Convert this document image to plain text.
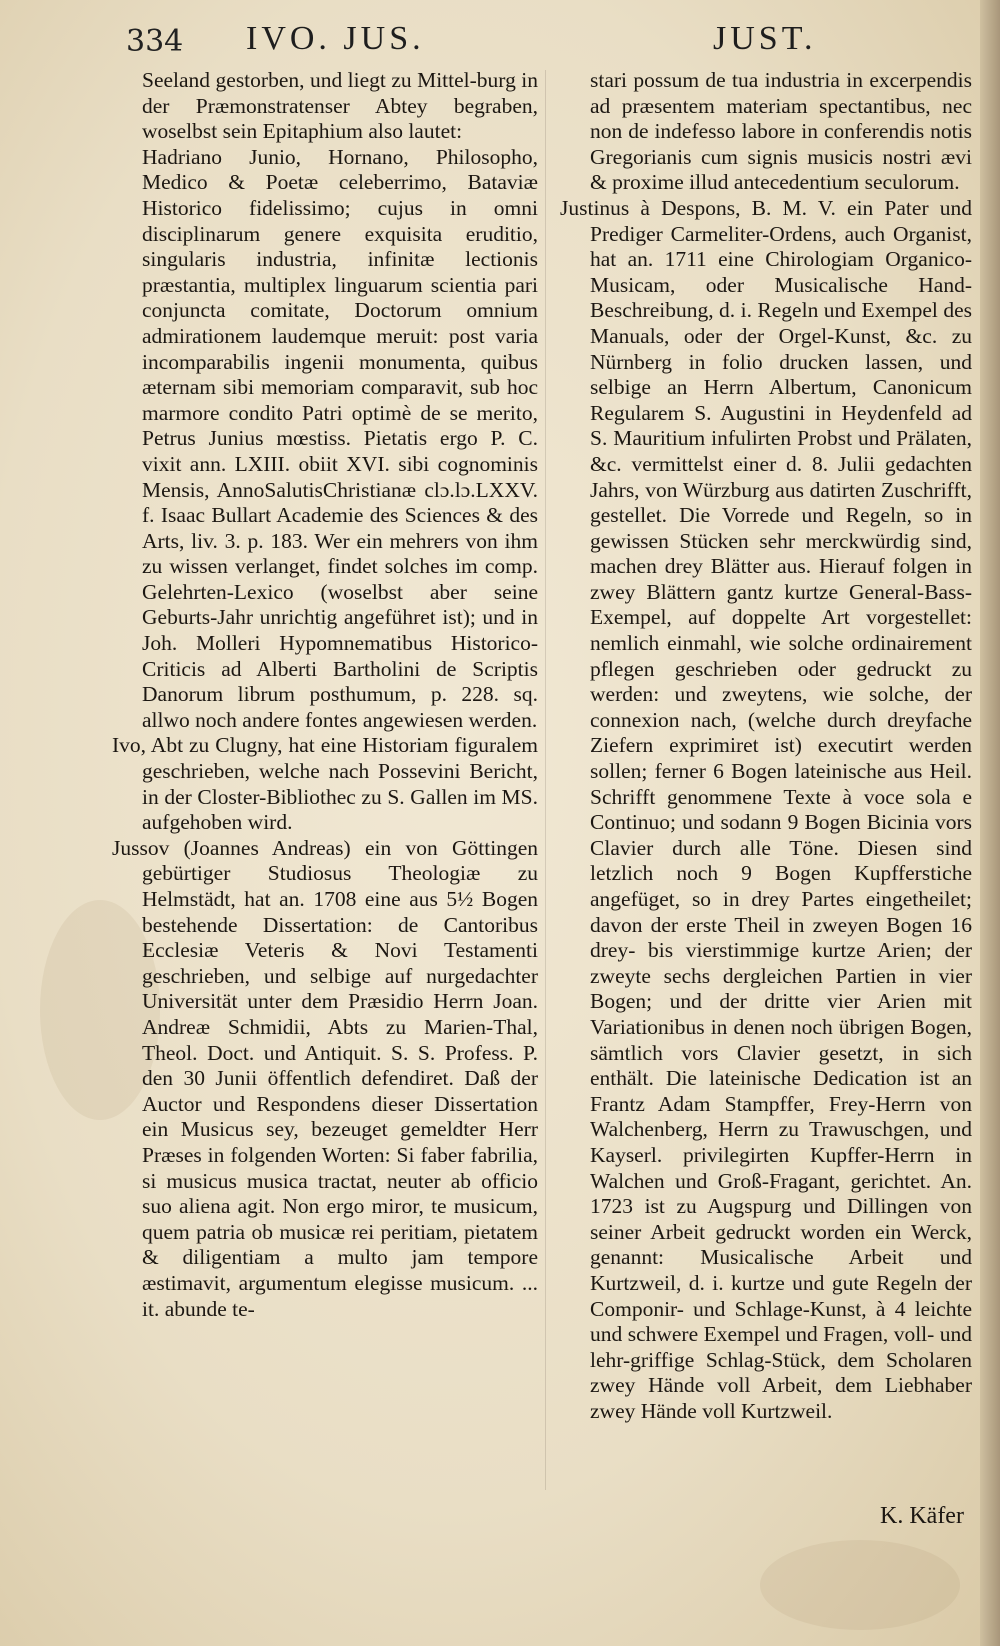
334 IVO. JUS.	JUST.

Seeland gestorben, und liegt zu Mittel-burg in der Præmonstratenser Abtey begraben, woselbst sein Epitaphium also lautet:

Hadriano Junio, Hornano, Philosopho, Medico & Poetæ celeberrimo, Bataviæ Historico fidelissimo; cujus in omni disciplinarum genere exquisita eruditio, singularis industria, infinitæ lectionis præstantia, multiplex linguarum scientia pari conjuncta comitate, Doctorum omnium admirationem laudemque meruit: post varia incomparabilis ingenii monumenta, quibus æternam sibi memoriam comparavit, sub hoc marmore condito Patri optimè de se merito, Petrus Junius mœstiss. Pietatis ergo P. C. vixit ann. LXIII. obiit XVI. sibi cognominis Mensis, AnnoSalutisChristianæ clɔ.lɔ.LXXV. f. Isaac Bullart Academie des Sciences & des Arts, liv. 3. p. 183. Wer ein mehrers von ihm zu wissen verlanget, findet solches im comp. Gelehrten-Lexico (woselbst aber seine Geburts-Jahr unrichtig angeführet ist); und in Joh. Molleri Hypomnematibus Historico-Criticis ad Alberti Bartholini de Scriptis Danorum librum posthumum, p. 228. sq. allwo noch andere fontes angewiesen werden.

Ivo, Abt zu Clugny, hat eine Historiam figuralem geschrieben, welche nach Possevini Bericht, in der Closter-Bibliothec zu S. Gallen im MS. aufgehoben wird.

Jussov (Joannes Andreas) ein von Göttingen gebürtiger Studiosus Theologiæ zu Helmstädt, hat an. 1708 eine aus 5½ Bogen bestehende Dissertation: de Cantoribus Ecclesiæ Veteris & Novi Testamenti geschrieben, und selbige auf nurgedachter Universität unter dem Præsidio Herrn Joan. Andreæ Schmidii, Abts zu Marien-Thal, Theol. Doct. und Antiquit. S. S. Profess. P. den 30 Junii öffentlich defendiret. Daß der Auctor und Respondens dieser Dissertation ein Musicus sey, bezeuget gemeldter Herr Præses in folgenden Worten: Si faber fabrilia, si musicus musica tractat, neuter ab officio suo aliena agit. Non ergo miror, te musicum, quem patria ob musicæ rei peritiam, pietatem & diligentiam a multo jam tempore æstimavit, argumentum elegisse musicum. ... it. abunde te-

stari possum de tua industria in excerpendis ad præsentem materiam spectantibus, nec non de indefesso labore in conferendis notis Gregorianis cum signis musicis nostri ævi & proxime illud antecedentium seculorum.

Justinus à Despons, B. M. V. ein Pater und Prediger Carmeliter-Ordens, auch Organist, hat an. 1711 eine Chirologiam Organico-Musicam, oder Musicalische Hand-Beschreibung, d. i. Regeln und Exempel des Manuals, oder der Orgel-Kunst, &c. zu Nürnberg in folio drucken lassen, und selbige an Herrn Albertum, Canonicum Regularem S. Augustini in Heydenfeld ad S. Mauritium infulirten Probst und Prälaten, &c. vermittelst einer d. 8. Julii gedachten Jahrs, von Würzburg aus datirten Zuschrifft, gestellet. Die Vorrede und Regeln, so in gewissen Stücken sehr merckwürdig sind, machen drey Blätter aus. Hierauf folgen in zwey Blättern gantz kurtze General-Bass-Exempel, auf doppelte Art vorgestellet: nemlich einmahl, wie solche ordinairement pflegen geschrieben oder gedruckt zu werden: und zweytens, wie solche, der connexion nach, (welche durch dreyfache Ziefern exprimiret ist) executirt werden sollen; ferner 6 Bogen lateinische aus Heil. Schrifft genommene Texte à voce sola e Continuo; und sodann 9 Bogen Bicinia vors Clavier durch alle Töne. Diesen sind letzlich noch 9 Bogen Kupfferstiche angefüget, so in drey Partes eingetheilet; davon der erste Theil in zweyen Bogen 16 drey- bis vierstimmige kurtze Arien; der zweyte sechs dergleichen Partien in vier Bogen; und der dritte vier Arien mit Variationibus in denen noch übrigen Bogen, sämtlich vors Clavier gesetzt, in sich enthält. Die lateinische Dedication ist an Frantz Adam Stampffer, Frey-Herrn von Walchenberg, Herrn zu Trawuschgen, und Kayserl. privilegirten Kupffer-Herrn in Walchen und Groß-Fragant, gerichtet. An. 1723 ist zu Augspurg und Dillingen von seiner Arbeit gedruckt worden ein Werck, genannt: Musicalische Arbeit und Kurtzweil, d. i. kurtze und gute Regeln der Componir- und Schlage-Kunst, à 4 leichte und schwere Exempel und Fragen, voll- und lehr-griffige Schlag-Stück, dem Scholaren zwey Hände voll Arbeit, dem Liebhaber zwey Hände voll Kurtzweil.

K. Käfer
